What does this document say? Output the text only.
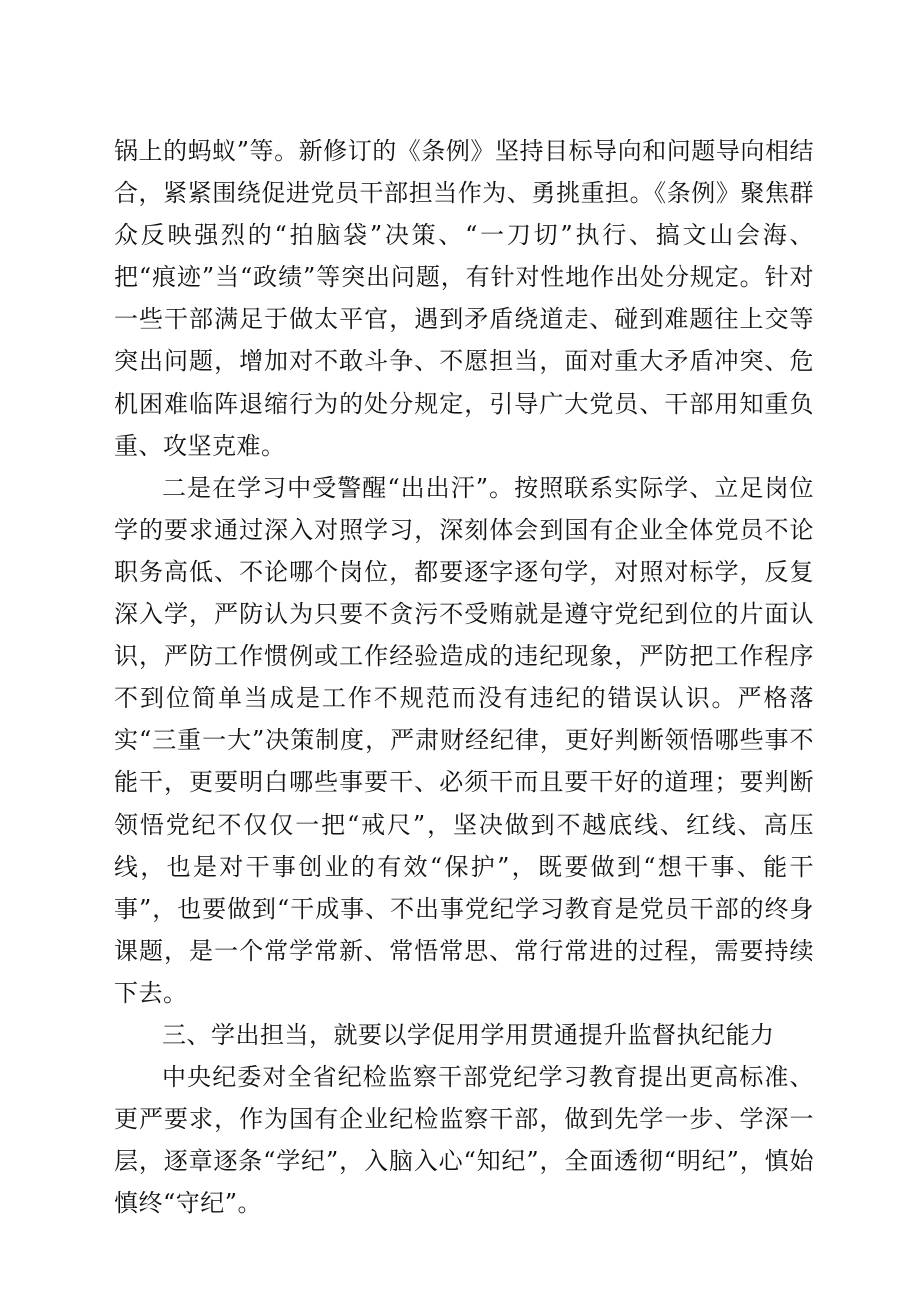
锅上的蚂蚁”等。新修订的《条例》坚持目标导向和问题导向相结合，紧紧围绕促进党员干部担当作为、勇挑重担。《条例》聚焦群众反映强烈的“拍脑袋”决策、“一刀切”执行、搞文山会海、把“痕迹”当“政绩”等突出问题，有针对性地作出处分规定。针对一些干部满足于做太平官，遇到矛盾绕道走、碰到难题往上交等突出问题，增加对不敢斗争、不愿担当，面对重大矛盾冲突、危机困难临阵退缩行为的处分规定，引导广大党员、干部用知重负重、攻坚克难。

二是在学习中受警醒“出出汗”。按照联系实际学、立足岗位学的要求通过深入对照学习，深刻体会到国有企业全体党员不论职务高低、不论哪个岗位，都要逐字逐句学，对照对标学，反复深入学，严防认为只要不贪污不受贿就是遵守党纪到位的片面认识，严防工作惯例或工作经验造成的违纪现象，严防把工作程序不到位简单当成是工作不规范而没有违纪的错误认识。严格落实“三重一大”决策制度，严肃财经纪律，更好判断领悟哪些事不能干，更要明白哪些事要干、必须干而且要干好的道理；要判断领悟党纪不仅仅一把“戒尺”，坚决做到不越底线、红线、高压线，也是对干事创业的有效“保护”，既要做到“想干事、能干事”，也要做到“干成事、不出事党纪学习教育是党员干部的终身课题，是一个常学常新、常悟常思、常行常进的过程，需要持续下去。

三、学出担当，就要以学促用学用贯通提升监督执纪能力

中央纪委对全省纪检监察干部党纪学习教育提出更高标准、更严要求，作为国有企业纪检监察干部，做到先学一步、学深一层，逐章逐条“学纪”，入脑入心“知纪”，全面透彻“明纪”，慎始慎终“守纪”。
